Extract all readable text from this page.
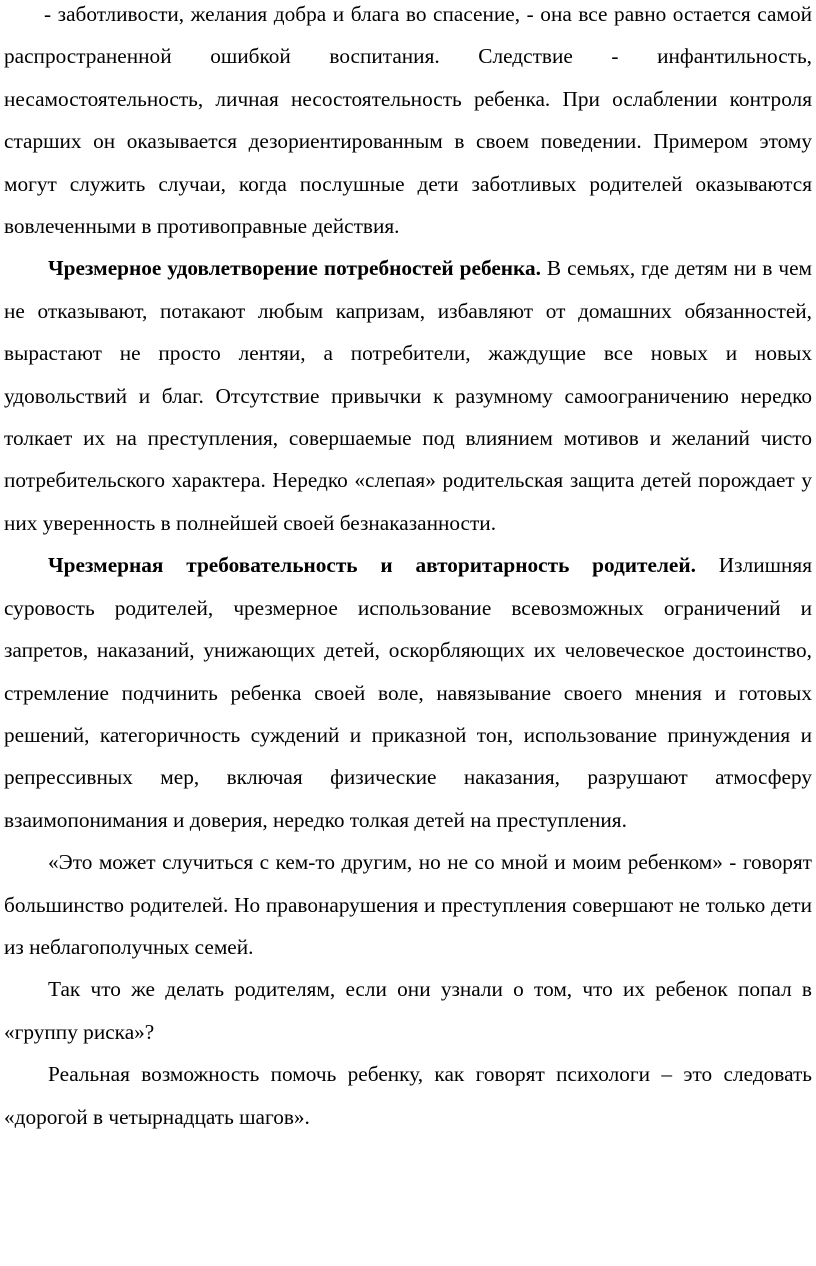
- заботливости, желания добра и блага во спасение, - она все равно остается самой распространенной ошибкой воспитания. Следствие - инфантильность, несамостоятельность, личная несостоятельность ребенка. При ослаблении контроля старших он оказывается дезориентированным в своем поведении. Примером этому могут служить случаи, когда послушные дети заботливых родителей оказываются вовлеченными в противоправные действия.

Чрезмерное удовлетворение потребностей ребенка. В семьях, где детям ни в чем не отказывают, потакают любым капризам, избавляют от домашних обязанностей, вырастают не просто лентяи, а потребители, жаждущие все новых и новых удовольствий и благ. Отсутствие привычки к разумному самоограничению нередко толкает их на преступления, совершаемые под влиянием мотивов и желаний чисто потребительского характера. Нередко «слепая» родительская защита детей порождает у них уверенность в полнейшей своей безнаказанности.

Чрезмерная требовательность и авторитарность родителей. Излишняя суровость родителей, чрезмерное использование всевозможных ограничений и запретов, наказаний, унижающих детей, оскорбляющих их человеческое достоинство, стремление подчинить ребенка своей воле, навязывание своего мнения и готовых решений, категоричность суждений и приказной тон, использование принуждения и репрессивных мер, включая физические наказания, разрушают атмосферу взаимопонимания и доверия, нередко толкая детей на преступления.

«Это может случиться с кем-то другим, но не со мной и моим ребенком» - говорят большинство родителей. Но правонарушения и преступления совершают не только дети из неблагополучных семей.

Так что же делать родителям, если они узнали о том, что их ребенок попал в «группу риска»?

Реальная возможность помочь ребенку, как говорят психологи – это следовать «дорогой в четырнадцать шагов».
